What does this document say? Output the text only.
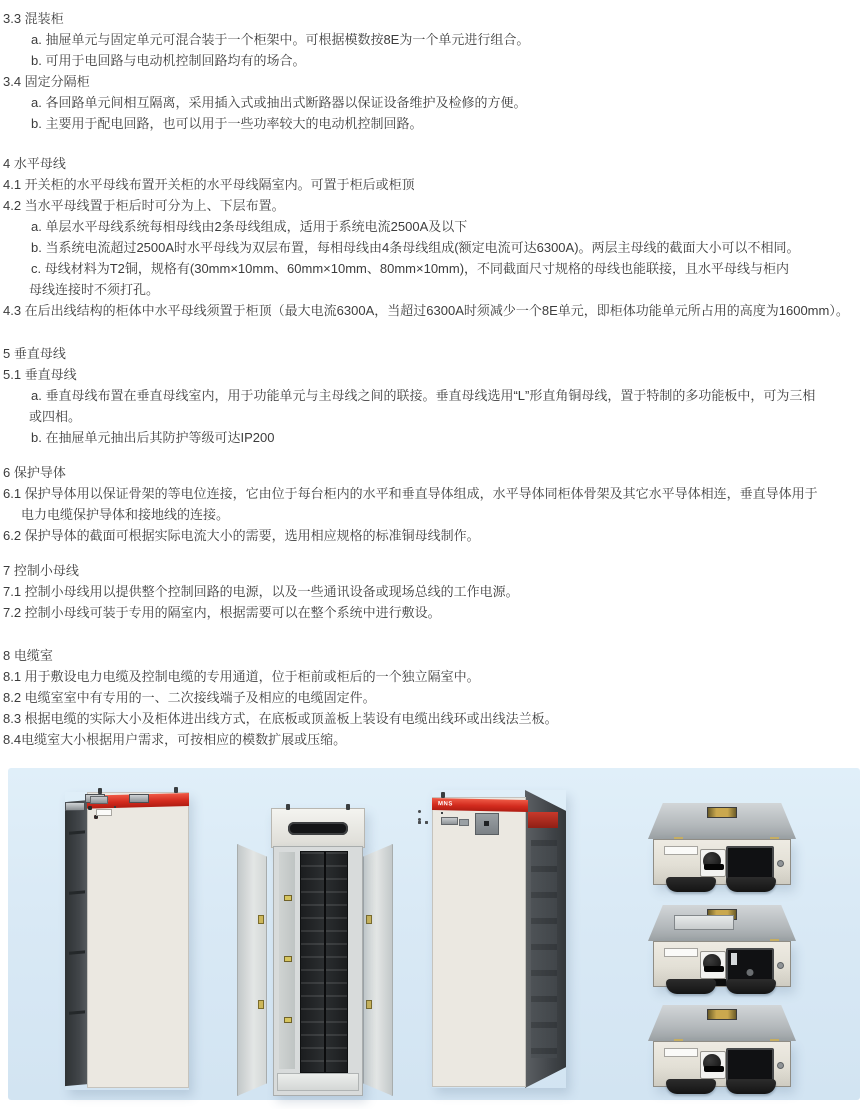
3.3 混装柜
a. 抽屉单元与固定单元可混合装于一个柜架中。可根据模数按8E为一个单元进行组合。
b. 可用于电回路与电动机控制回路均有的场合。
3.4 固定分隔柜
a. 各回路单元间相互隔离，采用插入式或抽出式断路器以保证设备维护及检修的方便。
b. 主要用于配电回路，也可以用于一些功率较大的电动机控制回路。
4 水平母线
4.1 开关柜的水平母线布置开关柜的水平母线隔室内。可置于柜后或柜顶
4.2 当水平母线置于柜后时可分为上、下层布置。
a. 单层水平母线系统每相母线由2条母线组成，适用于系统电流2500A及以下
b. 当系统电流超过2500A时水平母线为双层布置，每相母线由4条母线组成(额定电流可达6300A)。两层主母线的截面大小可以不相同。
c. 母线材料为T2铜，规格有(30mm×10mm、60mm×10mm、80mm×10mm)，不同截面尺寸规格的母线也能联接，且水平母线与柜内
母线连接时不须打孔。
4.3 在后出线结构的柜体中水平母线须置于柜顶（最大电流6300A，当超过6300A时须减少一个8E单元，即柜体功能单元所占用的高度为1600mm）。
5 垂直母线
5.1 垂直母线
a. 垂直母线布置在垂直母线室内，用于功能单元与主母线之间的联接。垂直母线选用“L”形直角铜母线，置于特制的多功能板中，可为三相
或四相。
b. 在抽屉单元抽出后其防护等级可达IP200
6 保护导体
6.1 保护导体用以保证骨架的等电位连接，它由位于每台柜内的水平和垂直导体组成，水平导体同柜体骨架及其它水平导体相连，垂直导体用于
电力电缆保护导体和接地线的连接。
6.2 保护导体的截面可根据实际电流大小的需要，选用相应规格的标准铜母线制作。
7 控制小母线
7.1 控制小母线用以提供整个控制回路的电源，以及一些通讯设备或现场总线的工作电源。
7.2 控制小母线可装于专用的隔室内，根据需要可以在整个系统中进行敷设。
8 电缆室
8.1 用于敷设电力电缆及控制电缆的专用通道，位于柜前或柜后的一个独立隔室中。
8.2 电缆室室中有专用的一、二次接线端子及相应的电缆固定件。
8.3 根据电缆的实际大小及柜体进出线方式，在底板或顶盖板上装设有电缆出线环或出线法兰板。
8.4电缆室大小根据用户需求，可按相应的模数扩展或压缩。
MNS
